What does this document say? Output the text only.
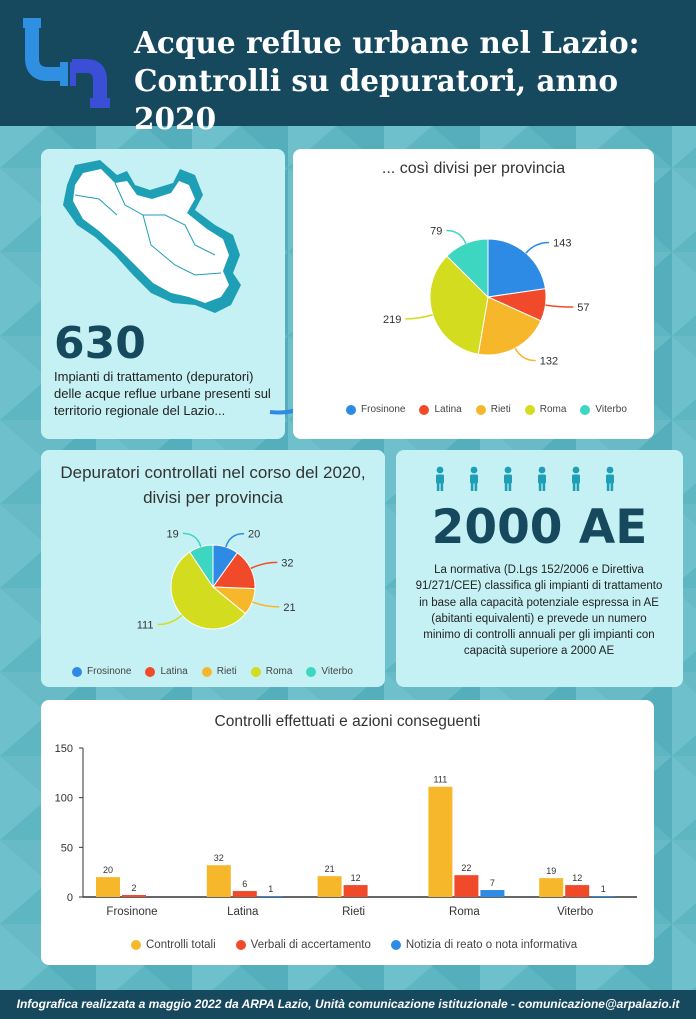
Acque reflue urbane nel Lazio:
Controlli su depuratori, anno 2020
630
Impianti di trattamento (depuratori) delle acque reflue urbane presenti sul territorio regionale del Lazio...
... così divisi per provincia
143
57
132
219
79
Frosinone	Latina	Rieti	Roma	Viterbo
Depuratori controllati nel corso del 2020, divisi per provincia
20
32
21
111
19
Frosinone	Latina	Rieti	Roma	Viterbo
2000 AE
La normativa (D.Lgs 152/2006 e Direttiva 91/271/CEE) classifica gli impianti di trattamento in base alla capacità potenziale espressa in AE (abitanti equivalenti) e prevede un numero minimo di controlli annuali per gli impianti con capacità superiore a 2000 AE
Controlli effettuati e azioni conseguenti
0
50
100
150
20
2
Frosinone
32
6 1
Latina
21
12
Rieti
111
22
7
Roma
19
12
1
Viterbo
Controlli totali	Verbali di accertamento	Notizia di reato o nota informativa
Infografica realizzata a maggio 2022 da ARPA Lazio, Unità comunicazione istituzionale - comunicazione@arpalazio.it
